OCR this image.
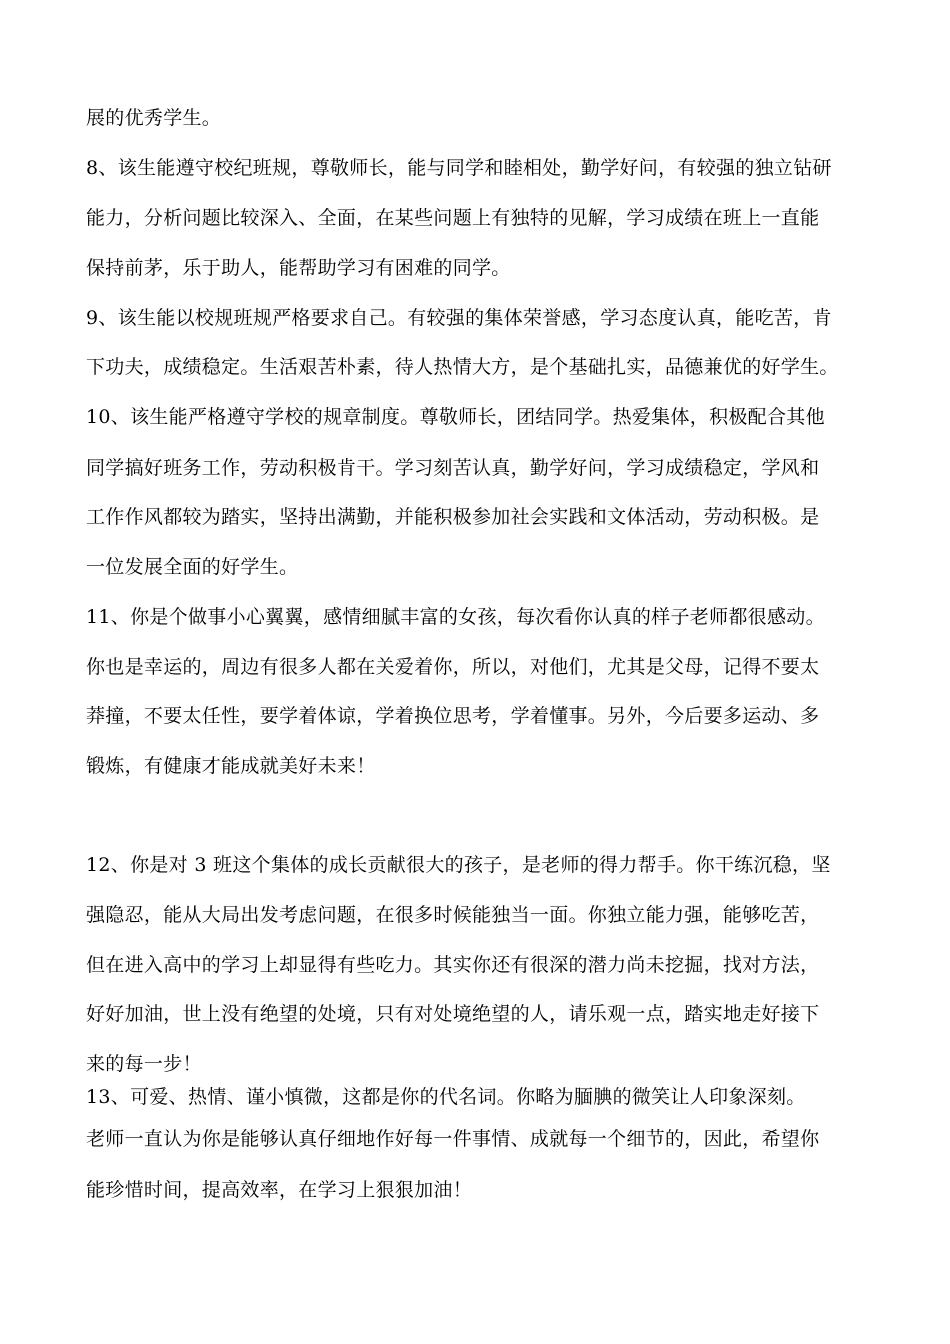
展的优秀学生。
8、该生能遵守校纪班规，尊敬师长，能与同学和睦相处，勤学好问，有较强的独立钻研
能力，分析问题比较深入、全面，在某些问题上有独特的见解，学习成绩在班上一直能
保持前茅，乐于助人，能帮助学习有困难的同学。
9、该生能以校规班规严格要求自己。有较强的集体荣誉感，学习态度认真，能吃苦，肯
下功夫，成绩稳定。生活艰苦朴素，待人热情大方，是个基础扎实，品德兼优的好学生。
10、该生能严格遵守学校的规章制度。尊敬师长，团结同学。热爱集体，积极配合其他
同学搞好班务工作，劳动积极肯干。学习刻苦认真，勤学好问，学习成绩稳定，学风和
工作作风都较为踏实，坚持出满勤，并能积极参加社会实践和文体活动，劳动积极。是
一位发展全面的好学生。
11、你是个做事小心翼翼，感情细腻丰富的女孩，每次看你认真的样子老师都很感动。
你也是幸运的，周边有很多人都在关爱着你，所以，对他们，尤其是父母，记得不要太
莽撞，不要太任性，要学着体谅，学着换位思考，学着懂事。另外，今后要多运动、多
锻炼，有健康才能成就美好未来！
12、你是对 3 班这个集体的成长贡献很大的孩子，是老师的得力帮手。你干练沉稳，坚
强隐忍，能从大局出发考虑问题，在很多时候能独当一面。你独立能力强，能够吃苦，
但在进入高中的学习上却显得有些吃力。其实你还有很深的潜力尚未挖掘，找对方法，
好好加油，世上没有绝望的处境，只有对处境绝望的人，请乐观一点，踏实地走好接下
来的每一步！
13、可爱、热情、谨小慎微，这都是你的代名词。你略为腼腆的微笑让人印象深刻。
老师一直认为你是能够认真仔细地作好每一件事情、成就每一个细节的，因此，希望你
能珍惜时间，提高效率，在学习上狠狠加油！
